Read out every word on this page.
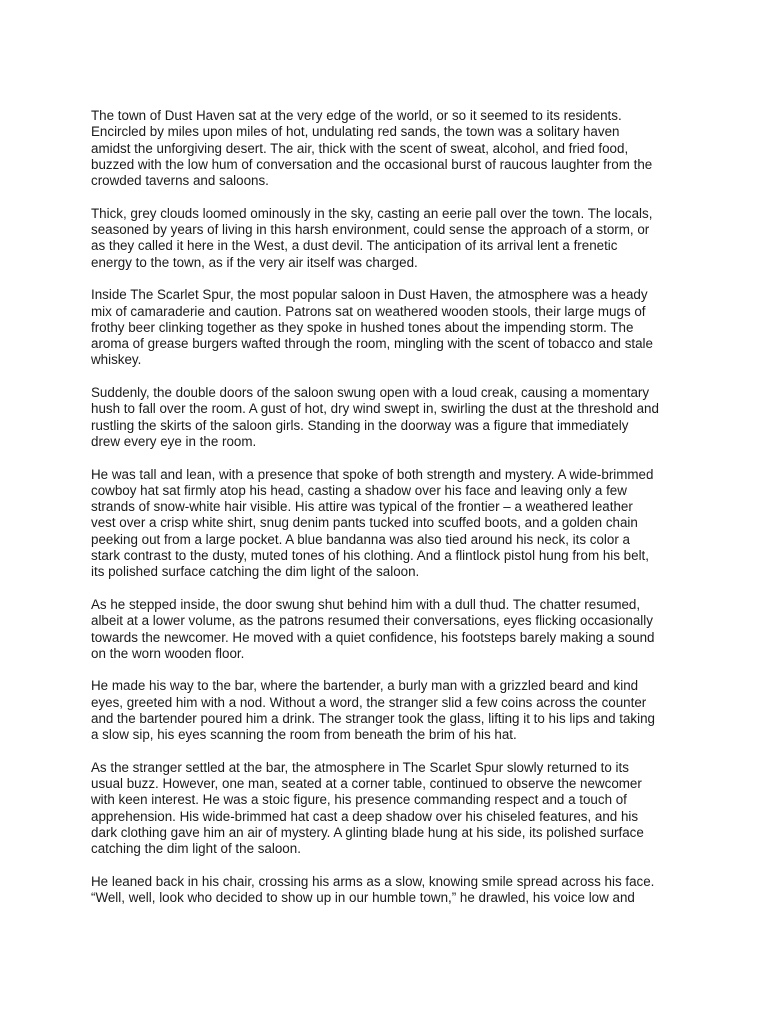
The town of Dust Haven sat at the very edge of the world, or so it seemed to its residents.
Encircled by miles upon miles of hot, undulating red sands, the town was a solitary haven
amidst the unforgiving desert. The air, thick with the scent of sweat, alcohol, and fried food,
buzzed with the low hum of conversation and the occasional burst of raucous laughter from the
crowded taverns and saloons.
Thick, grey clouds loomed ominously in the sky, casting an eerie pall over the town. The locals,
seasoned by years of living in this harsh environment, could sense the approach of a storm, or
as they called it here in the West, a dust devil. The anticipation of its arrival lent a frenetic
energy to the town, as if the very air itself was charged.
Inside The Scarlet Spur, the most popular saloon in Dust Haven, the atmosphere was a heady
mix of camaraderie and caution. Patrons sat on weathered wooden stools, their large mugs of
frothy beer clinking together as they spoke in hushed tones about the impending storm. The
aroma of grease burgers wafted through the room, mingling with the scent of tobacco and stale
whiskey.
Suddenly, the double doors of the saloon swung open with a loud creak, causing a momentary
hush to fall over the room. A gust of hot, dry wind swept in, swirling the dust at the threshold and
rustling the skirts of the saloon girls. Standing in the doorway was a figure that immediately
drew every eye in the room.
He was tall and lean, with a presence that spoke of both strength and mystery. A wide-brimmed
cowboy hat sat firmly atop his head, casting a shadow over his face and leaving only a few
strands of snow-white hair visible. His attire was typical of the frontier – a weathered leather
vest over a crisp white shirt, snug denim pants tucked into scuffed boots, and a golden chain
peeking out from a large pocket. A blue bandanna was also tied around his neck, its color a
stark contrast to the dusty, muted tones of his clothing. And a flintlock pistol hung from his belt,
its polished surface catching the dim light of the saloon.
As he stepped inside, the door swung shut behind him with a dull thud. The chatter resumed,
albeit at a lower volume, as the patrons resumed their conversations, eyes flicking occasionally
towards the newcomer. He moved with a quiet confidence, his footsteps barely making a sound
on the worn wooden floor.
He made his way to the bar, where the bartender, a burly man with a grizzled beard and kind
eyes, greeted him with a nod. Without a word, the stranger slid a few coins across the counter
and the bartender poured him a drink. The stranger took the glass, lifting it to his lips and taking
a slow sip, his eyes scanning the room from beneath the brim of his hat.
As the stranger settled at the bar, the atmosphere in The Scarlet Spur slowly returned to its
usual buzz. However, one man, seated at a corner table, continued to observe the newcomer
with keen interest. He was a stoic figure, his presence commanding respect and a touch of
apprehension. His wide-brimmed hat cast a deep shadow over his chiseled features, and his
dark clothing gave him an air of mystery. A glinting blade hung at his side, its polished surface
catching the dim light of the saloon.
He leaned back in his chair, crossing his arms as a slow, knowing smile spread across his face.
“Well, well, look who decided to show up in our humble town,” he drawled, his voice low and
